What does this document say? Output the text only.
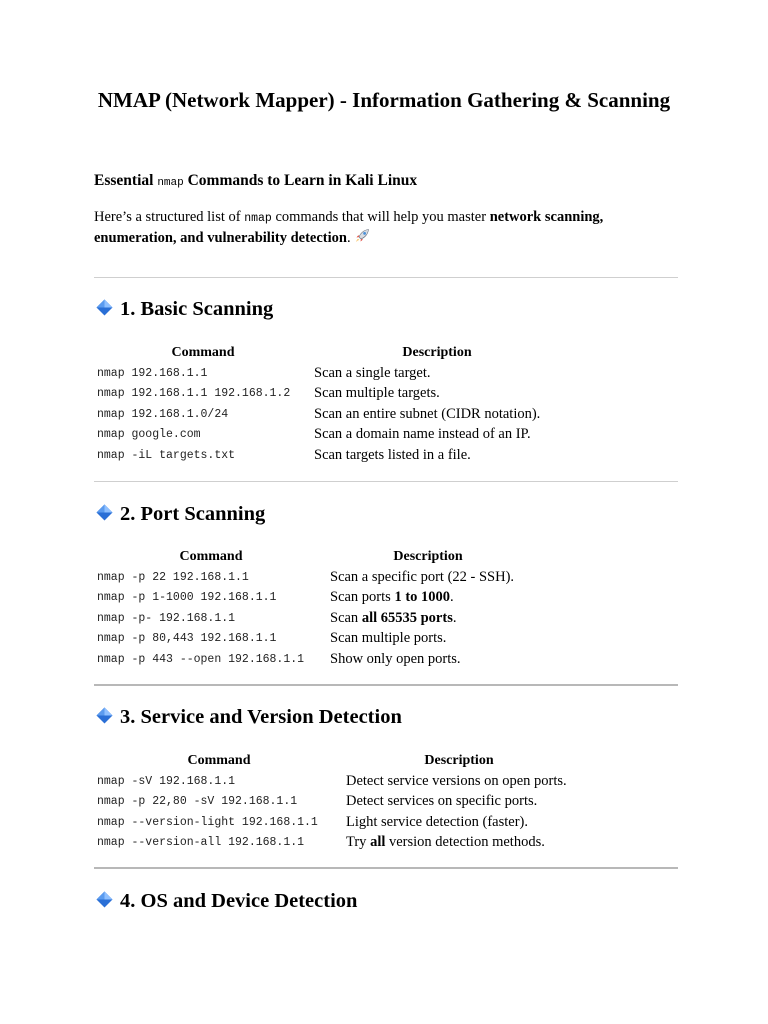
NMAP (Network Mapper) - Information Gathering & Scanning
Essential nmap Commands to Learn in Kali Linux
Here’s a structured list of nmap commands that will help you master network scanning, enumeration, and vulnerability detection.
1. Basic Scanning
Command	Description
nmap 192.168.1.1	Scan a single target.
nmap 192.168.1.1 192.168.1.2	Scan multiple targets.
nmap 192.168.1.0/24	Scan an entire subnet (CIDR notation).
nmap google.com	Scan a domain name instead of an IP.
nmap -iL targets.txt	Scan targets listed in a file.
2. Port Scanning
Command	Description
nmap -p 22 192.168.1.1	Scan a specific port (22 - SSH).
nmap -p 1-1000 192.168.1.1	Scan ports 1 to 1000.
nmap -p- 192.168.1.1	Scan all 65535 ports.
nmap -p 80,443 192.168.1.1	Scan multiple ports.
nmap -p 443 --open 192.168.1.1	Show only open ports.
3. Service and Version Detection
Command	Description
nmap -sV 192.168.1.1	Detect service versions on open ports.
nmap -p 22,80 -sV 192.168.1.1	Detect services on specific ports.
nmap --version-light 192.168.1.1	Light service detection (faster).
nmap --version-all 192.168.1.1	Try all version detection methods.
4. OS and Device Detection
